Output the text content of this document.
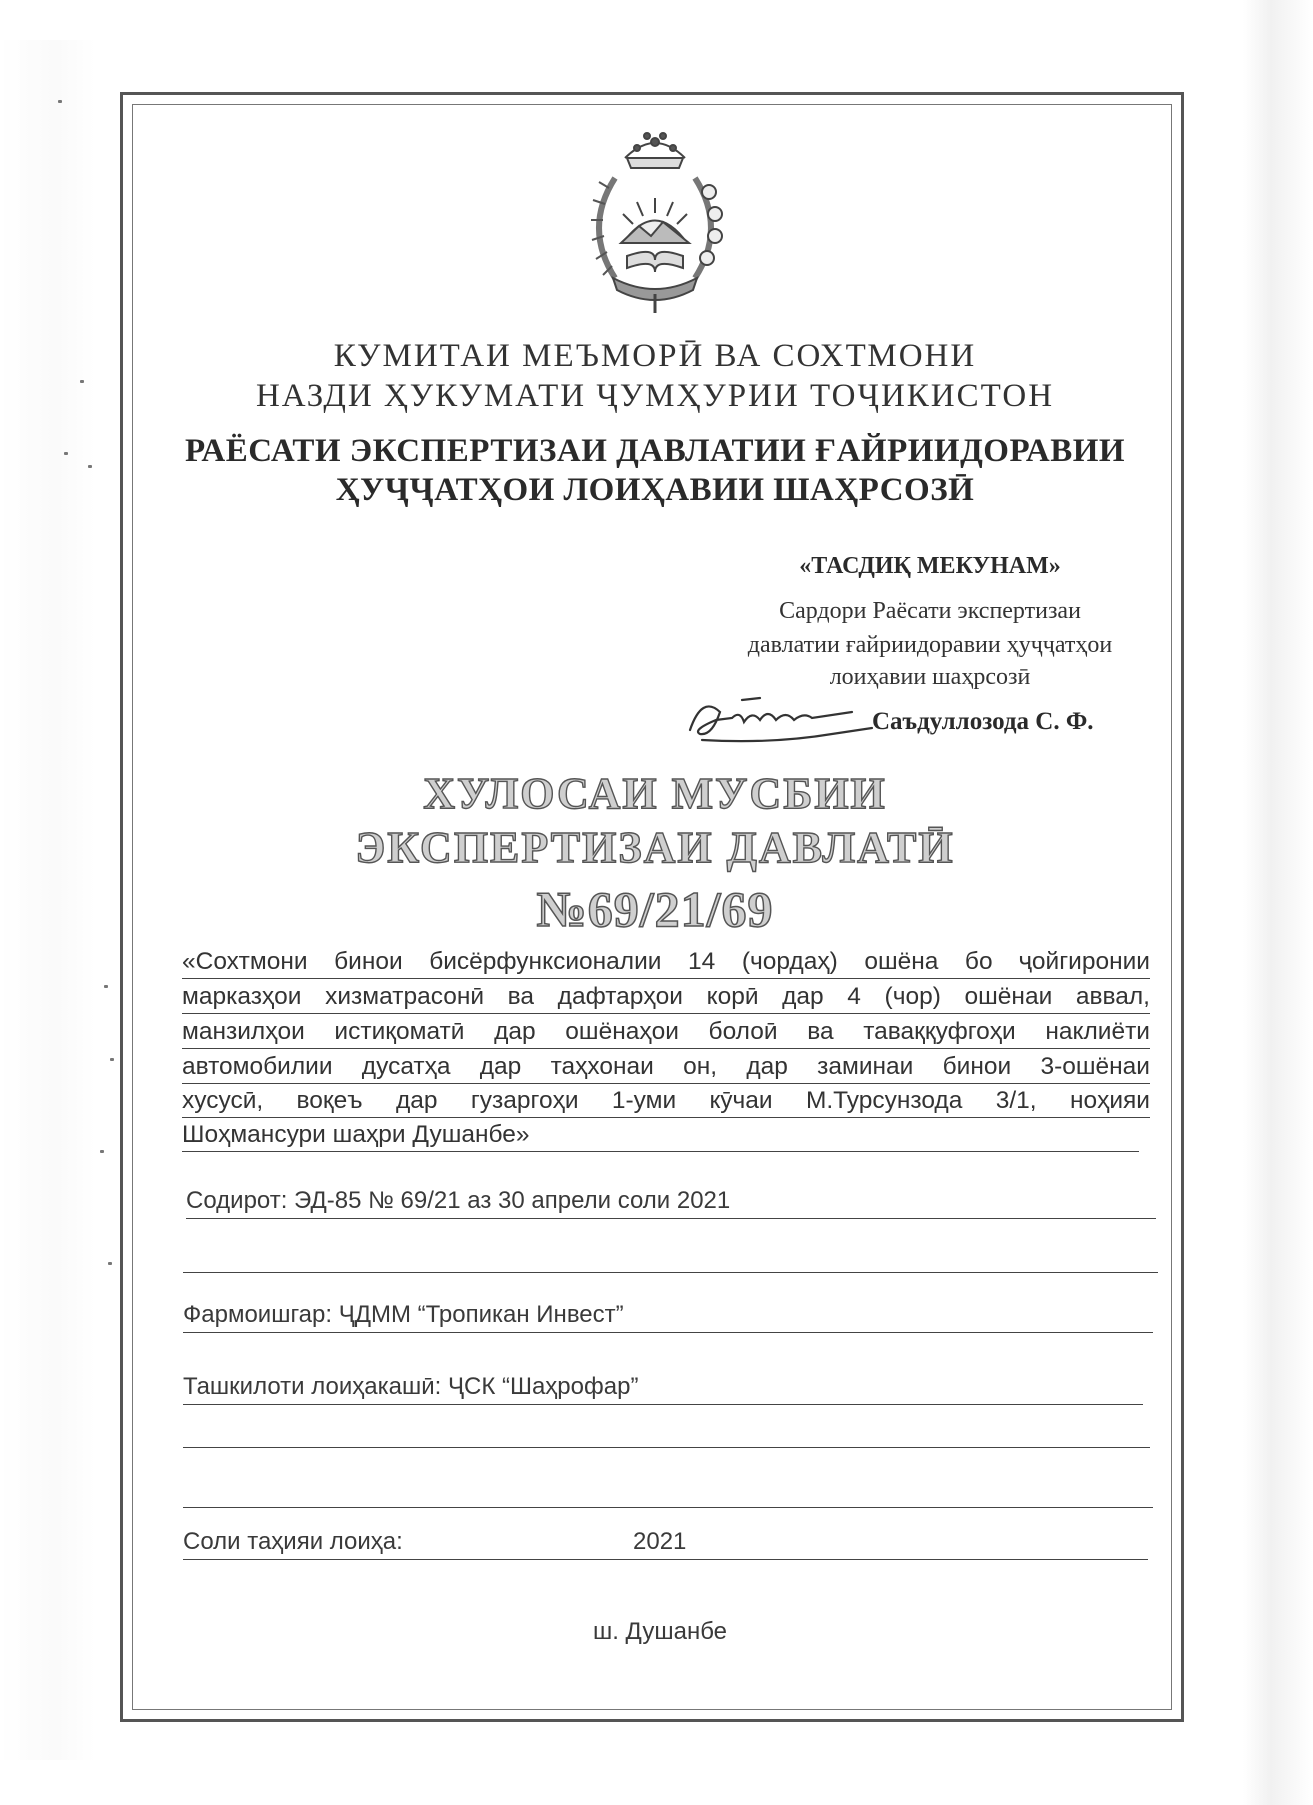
КУМИТАИ МЕЪМОРӢ ВА СОХТМОНИ
НАЗДИ ҲУКУМАТИ ҶУМҲУРИИ ТОҶИКИСТОН
РАЁСАТИ ЭКСПЕРТИЗАИ ДАВЛАТИИ ҒАЙРИИДОРАВИИ
ҲУҶҶАТҲОИ ЛОИҲАВИИ ШАҲРСОЗӢ
«ТАСДИҚ МЕКУНАМ»
Сардори Раёсати экспертизаи
давлатии ғайриидоравии ҳуҷҷатҳои
лоиҳавии шаҳрсозӣ
Саъдуллозода С. Ф.
ХУЛОСАИ МУСБИИ
ЭКСПЕРТИЗАИ ДАВЛАТӢ
№69/21/69
«Сохтмони бинои бисёрфунксионалии 14 (чордаҳ) ошёна бо ҷойгиронии
марказҳои хизматрасонӣ ва дафтарҳои корӣ дар 4 (чор) ошёнаи аввал,
манзилҳои истиқоматӣ дар ошёнаҳои болоӣ ва таваққуфгоҳи наклиёти
автомобилии дусатҳа дар таҳхонаи он, дар заминаи бинои 3-ошёнаи
хусусӣ, воқеъ дар гузаргоҳи 1-уми кӯчаи М.Турсунзода 3/1, ноҳияи
Шоҳмансури шаҳри Душанбе»
Содирот: ЭД-85 № 69/21 аз 30 апрели соли 2021
Фармоишгар: ҶДММ “Тропикан Инвест”
Ташкилоти лоиҳакашӣ: ҶСК “Шаҳрофар”
Соли таҳияи лоиҳа:	2021
ш. Душанбе
